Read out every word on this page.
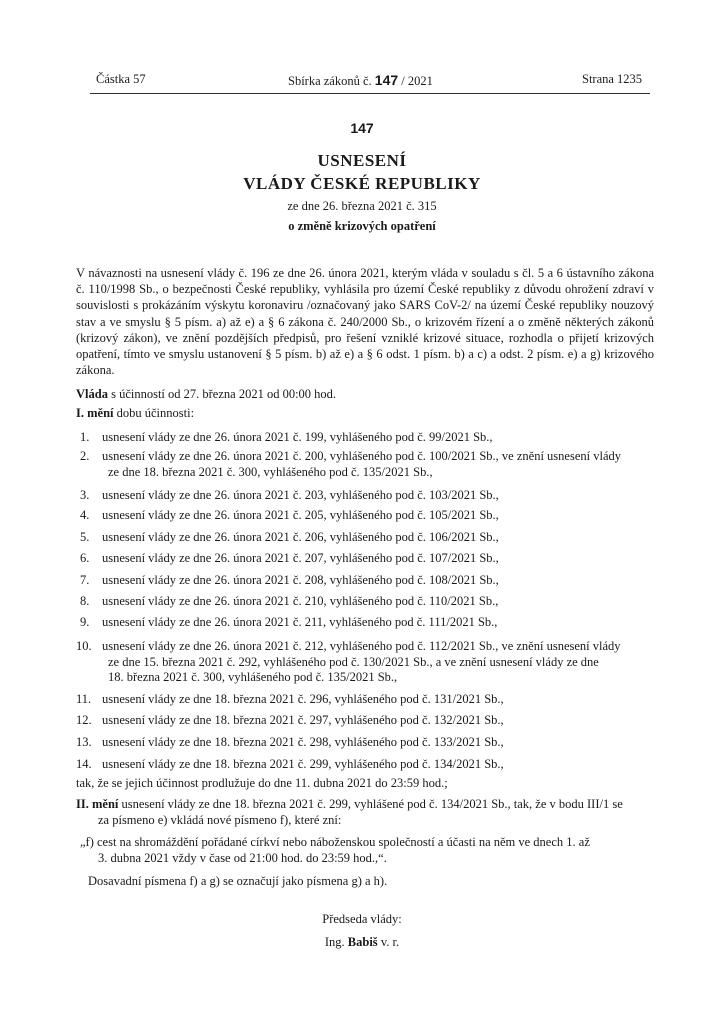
Částka 57	Sbírka zákonů č. 147 / 2021	Strana 1235
147
USNESENÍ
VLÁDY ČESKÉ REPUBLIKY
ze dne 26. března 2021 č. 315
o změně krizových opatření
V návaznosti na usnesení vlády č. 196 ze dne 26. února 2021, kterým vláda v souladu s čl. 5 a 6 ústavního zákona č. 110/1998 Sb., o bezpečnosti České republiky, vyhlásila pro území České republiky z důvodu ohrožení zdraví v souvislosti s prokázáním výskytu koronaviru /označovaný jako SARS CoV-2/ na území České republiky nouzový stav a ve smyslu § 5 písm. a) až e) a § 6 zákona č. 240/2000 Sb., o krizovém řízení a o změně některých zákonů (krizový zákon), ve znění pozdějších předpisů, pro řešení vzniklé krizové situace, rozhodla o přijetí krizových opatření, tímto ve smyslu ustanovení § 5 písm. b) až e) a § 6 odst. 1 písm. b) a c) a odst. 2 písm. e) a g) krizového zákona.
Vláda s účinností od 27. března 2021 od 00:00 hod.
I. mění dobu účinnosti:
1.	usnesení vlády ze dne 26. února 2021 č. 199, vyhlášeného pod č. 99/2021 Sb.,
2.	usnesení vlády ze dne 26. února 2021 č. 200, vyhlášeného pod č. 100/2021 Sb., ve znění usnesení vlády
ze dne 18. března 2021 č. 300, vyhlášeného pod č. 135/2021 Sb.,
3.	usnesení vlády ze dne 26. února 2021 č. 203, vyhlášeného pod č. 103/2021 Sb.,
4.	usnesení vlády ze dne 26. února 2021 č. 205, vyhlášeného pod č. 105/2021 Sb.,
5.	usnesení vlády ze dne 26. února 2021 č. 206, vyhlášeného pod č. 106/2021 Sb.,
6.	usnesení vlády ze dne 26. února 2021 č. 207, vyhlášeného pod č. 107/2021 Sb.,
7.	usnesení vlády ze dne 26. února 2021 č. 208, vyhlášeného pod č. 108/2021 Sb.,
8.	usnesení vlády ze dne 26. února 2021 č. 210, vyhlášeného pod č. 110/2021 Sb.,
9.	usnesení vlády ze dne 26. února 2021 č. 211, vyhlášeného pod č. 111/2021 Sb.,
10. usnesení vlády ze dne 26. února 2021 č. 212, vyhlášeného pod č. 112/2021 Sb., ve znění usnesení vlády
ze dne 15. března 2021 č. 292, vyhlášeného pod č. 130/2021 Sb., a ve znění usnesení vlády ze dne
18. března 2021 č. 300, vyhlášeného pod č. 135/2021 Sb.,
11. usnesení vlády ze dne 18. března 2021 č. 296, vyhlášeného pod č. 131/2021 Sb.,
12. usnesení vlády ze dne 18. března 2021 č. 297, vyhlášeného pod č. 132/2021 Sb.,
13. usnesení vlády ze dne 18. března 2021 č. 298, vyhlášeného pod č. 133/2021 Sb.,
14. usnesení vlády ze dne 18. března 2021 č. 299, vyhlášeného pod č. 134/2021 Sb.,
tak, že se jejich účinnost prodlužuje do dne 11. dubna 2021 do 23:59 hod.;
II. mění usnesení vlády ze dne 18. března 2021 č. 299, vyhlášené pod č. 134/2021 Sb., tak, že v bodu III/1 se
za písmeno e) vkládá nové písmeno f), které zní:
„f) cest na shromáždění pořádané církví nebo náboženskou společností a účasti na něm ve dnech 1. až
3. dubna 2021 vždy v čase od 21:00 hod. do 23:59 hod.,“.
Dosavadní písmena f) a g) se označují jako písmena g) a h).
Předseda vlády:
Ing. Babiš v. r.
